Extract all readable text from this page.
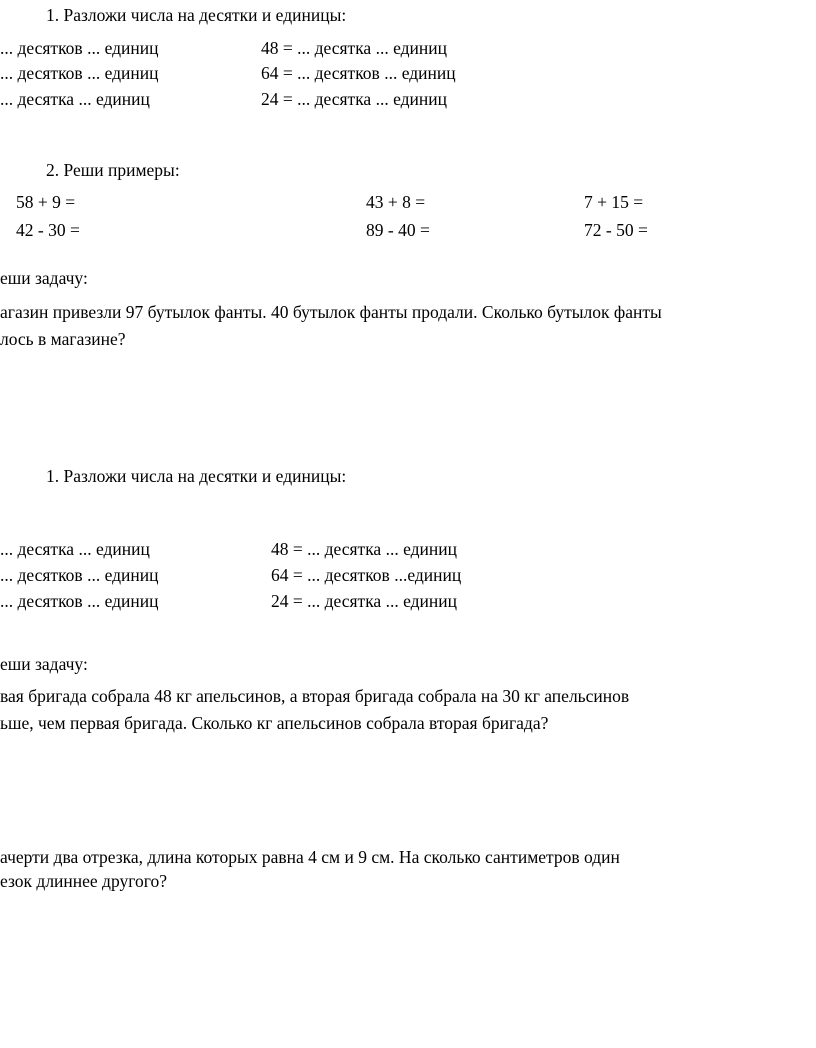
1. Разложи числа на десятки и единицы:
... десятков ... единиц	48 = ... десятка ... единиц
... десятков ... единиц	64 = ... десятков ... единиц
... десятка ... единиц	24 = ... десятка ... единиц
2. Реши примеры:
58 + 9 =	43 + 8 =	7 + 15 =
42 - 30 =	89 - 40 =	72 - 50 =
еши задачу:
агазин привезли 97 бутылок фанты. 40 бутылок фанты продали. Сколько бутылок фанты
лось в магазине?
1. Разложи числа на десятки и единицы:
... десятка ... единиц	48 = ... десятка ... единиц
... десятков ... единиц	64 = ... десятков ...единиц
... десятков ... единиц	24 = ... десятка ... единиц
еши задачу:
вая бригада собрала 48 кг апельсинов, а вторая бригада собрала на 30 кг апельсинов
ьше, чем первая бригада. Сколько кг апельсинов собрала вторая бригада?
ачерти два отрезка, длина которых равна 4 см и 9 см. На сколько сантиметров один
езок длиннее другого?
